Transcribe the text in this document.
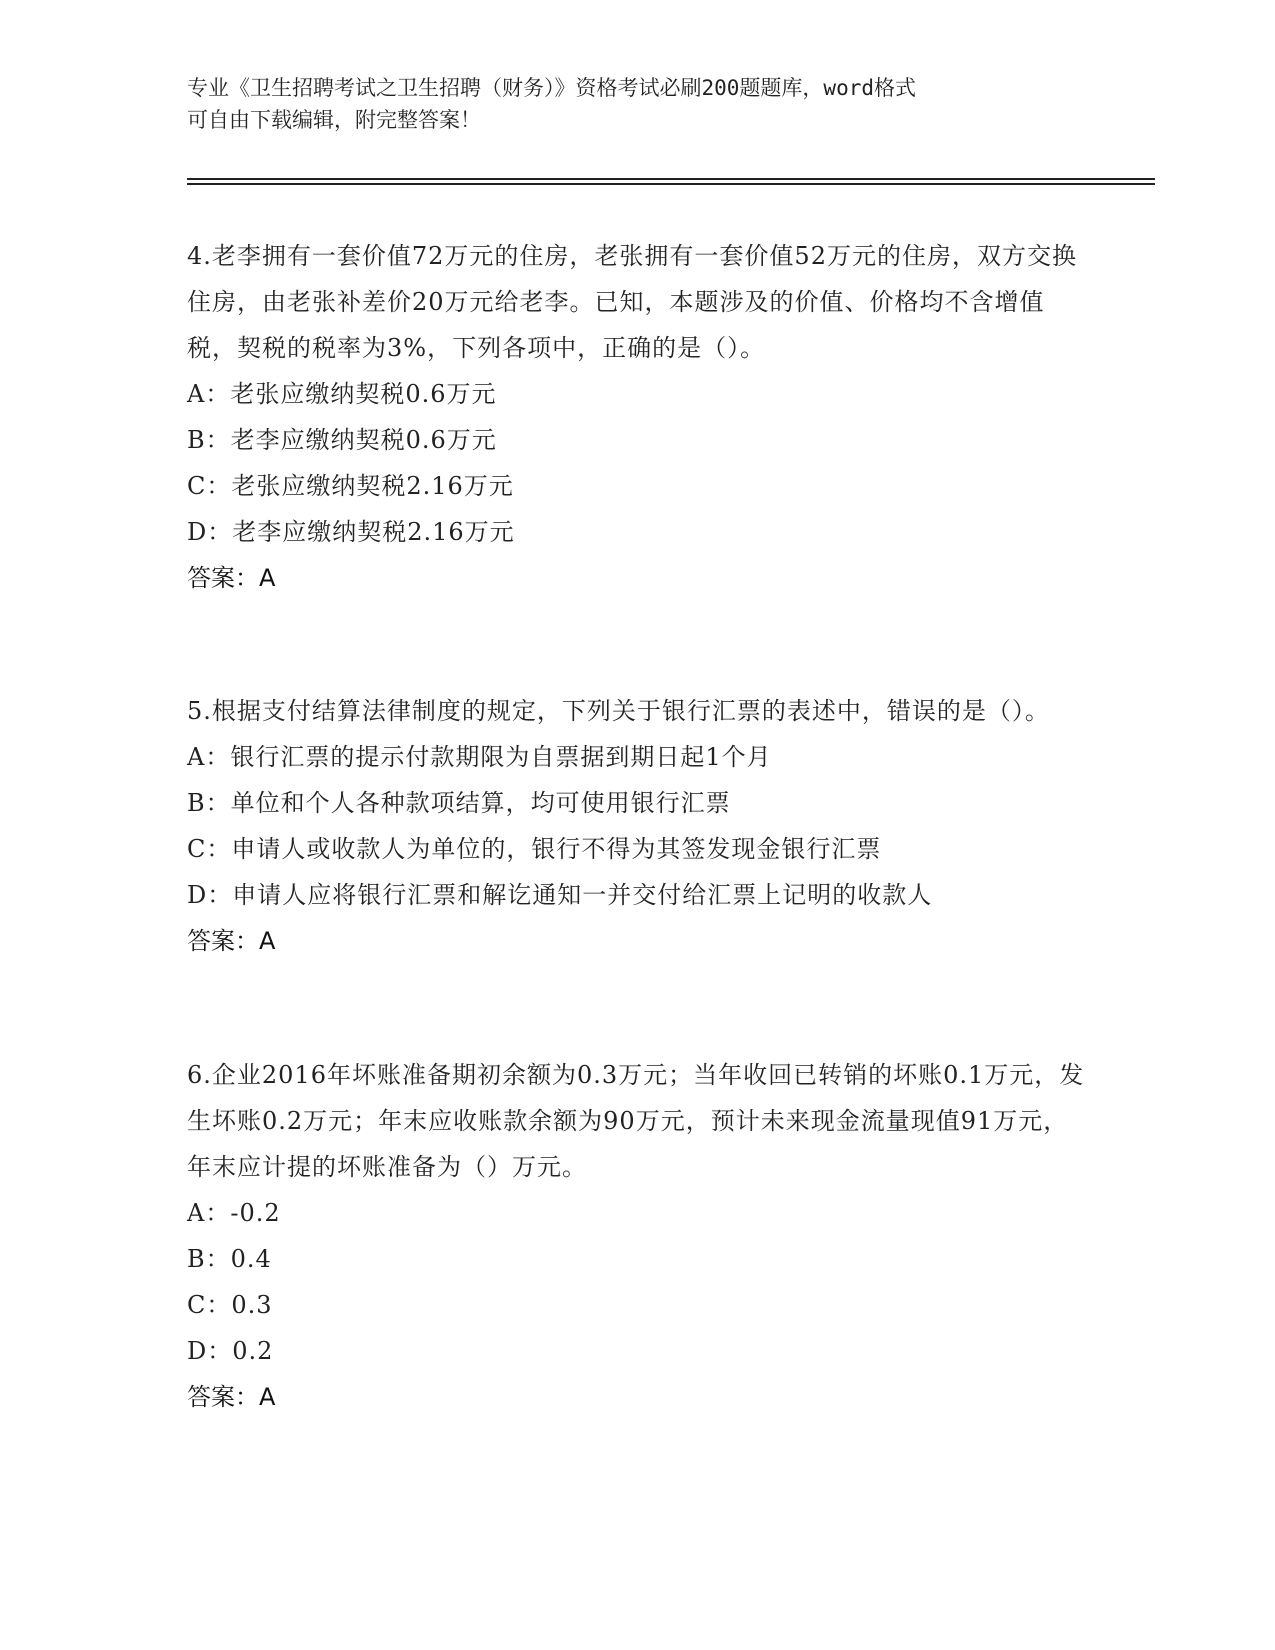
专业《卫生招聘考试之卫生招聘（财务）》资格考试必刷200题题库，word格式
可自由下载编辑，附完整答案！
4.老李拥有一套价值72万元的住房，老张拥有一套价值52万元的住房，双方交换住房，由老张补差价20万元给老李。已知，本题涉及的价值、价格均不含增值税，契税的税率为3%，下列各项中，正确的是（）。
A：老张应缴纳契税0.6万元
B：老李应缴纳契税0.6万元
C：老张应缴纳契税2.16万元
D：老李应缴纳契税2.16万元
答案：A
5.根据支付结算法律制度的规定，下列关于银行汇票的表述中，错误的是（）。
A：银行汇票的提示付款期限为自票据到期日起1个月
B：单位和个人各种款项结算，均可使用银行汇票
C：申请人或收款人为单位的，银行不得为其签发现金银行汇票
D：申请人应将银行汇票和解讫通知一并交付给汇票上记明的收款人
答案：A
6.企业2016年坏账准备期初余额为0.3万元；当年收回已转销的坏账0.1万元，发生坏账0.2万元；年末应收账款余额为90万元，预计未来现金流量现值91万元，年末应计提的坏账准备为（）万元。
A：-0.2
B：0.4
C：0.3
D：0.2
答案：A
